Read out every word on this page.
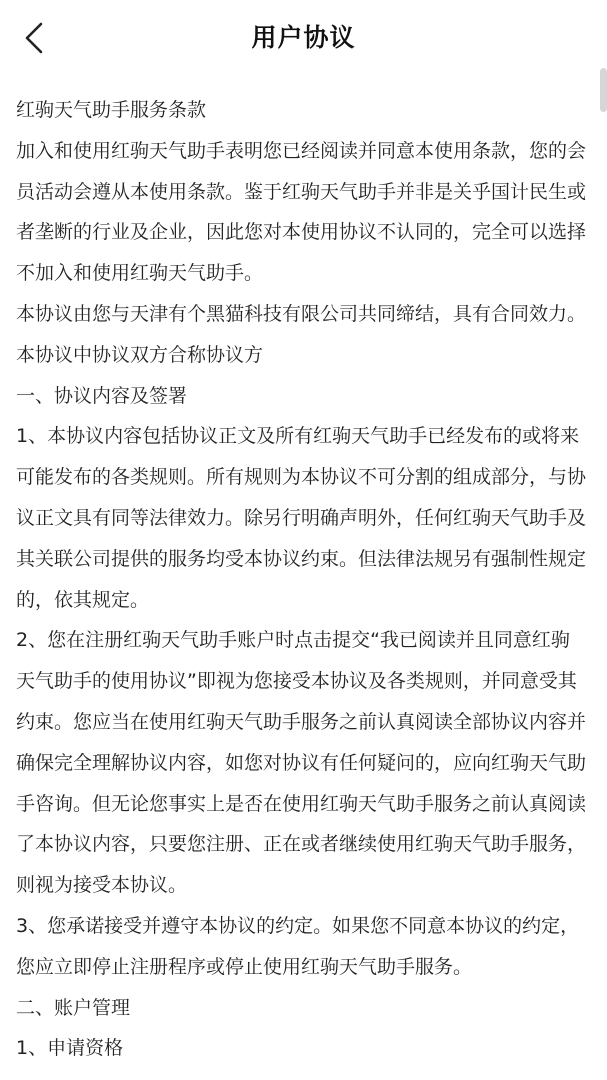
用户协议

红驹天气助手服务条款

加入和使用红驹天气助手表明您已经阅读并同意本使用条款，您的会员活动会遵从本使用条款。鉴于红驹天气助手并非是关乎国计民生或者垄断的行业及企业，因此您对本使用协议不认同的，完全可以选择不加入和使用红驹天气助手。

本协议由您与天津有个黑猫科技有限公司共同缔结，具有合同效力。

本协议中协议双方合称协议方

一、协议内容及签署

1、本协议内容包括协议正文及所有红驹天气助手已经发布的或将来可能发布的各类规则。所有规则为本协议不可分割的组成部分，与协议正文具有同等法律效力。除另行明确声明外，任何红驹天气助手及其关联公司提供的服务均受本协议约束。但法律法规另有强制性规定的，依其规定。

2、您在注册红驹天气助手账户时点击提交“我已阅读并且同意红驹天气助手的使用协议”即视为您接受本协议及各类规则，并同意受其约束。您应当在使用红驹天气助手服务之前认真阅读全部协议内容并确保完全理解协议内容，如您对协议有任何疑问的，应向红驹天气助手咨询。但无论您事实上是否在使用红驹天气助手服务之前认真阅读了本协议内容，只要您注册、正在或者继续使用红驹天气助手服务，则视为接受本协议。

3、您承诺接受并遵守本协议的约定。如果您不同意本协议的约定，您应立即停止注册程序或停止使用红驹天气助手服务。

二、账户管理

1、申请资格
